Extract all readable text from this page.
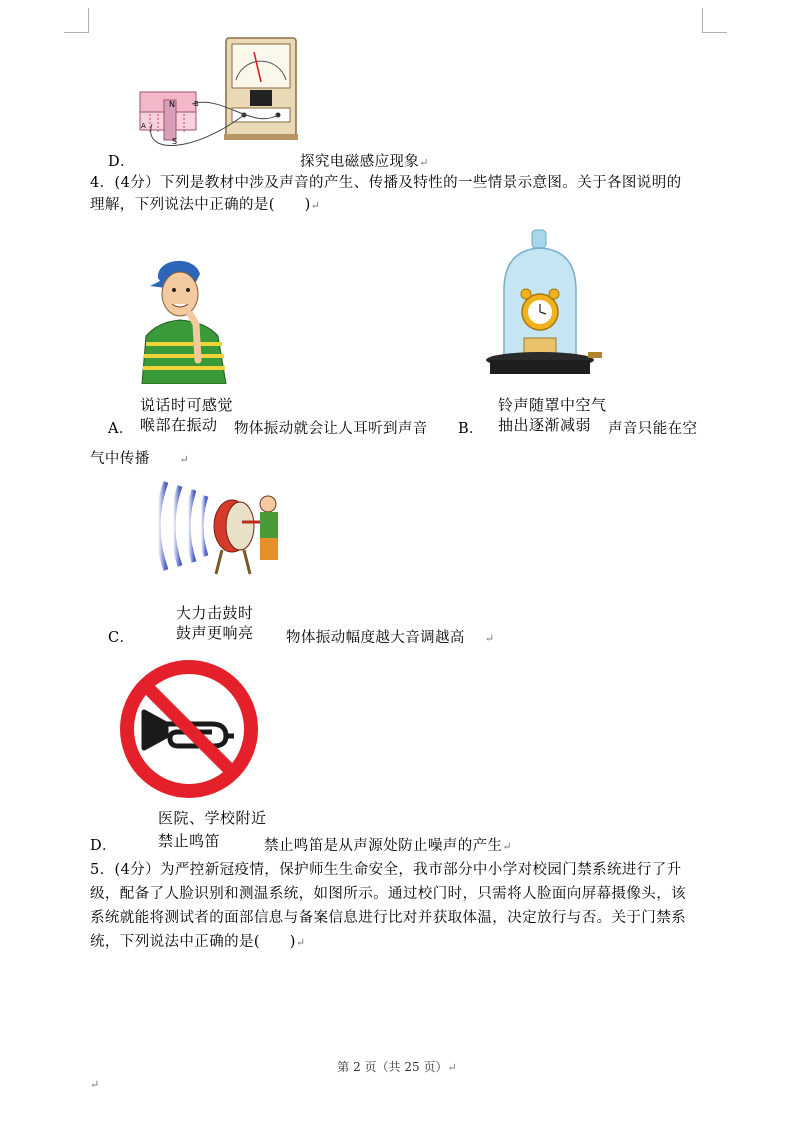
N
S
A
B
D．	探究电磁感应现象↵
4．(4分）下列是教材中涉及声音的产生、传播及特性的一些情景示意图。关于各图说明的
理解，下列说法中正确的是(　　)↵
说话时可感觉
喉部在振动
A．	物体振动就会让人耳听到声音
铃声随罩中空气
抽出逐渐减弱
B．	声音只能在空
气中传播	↵
大力击鼓时
鼓声更响亮
C．	物体振动幅度越大音调越高 ↵
医院、学校附近
禁止鸣笛
D．	禁止鸣笛是从声源处防止噪声的产生↵
5．(4分）为严控新冠疫情，保护师生生命安全，我市部分中小学对校园门禁系统进行了升
级，配备了人脸识别和测温系统，如图所示。通过校门时，只需将人脸面向屏幕摄像头，该
系统就能将测试者的面部信息与备案信息进行比对并获取体温，决定放行与否。关于门禁系
统，下列说法中正确的是(　　)↵
第 2 页（共 25 页）↵
↵
